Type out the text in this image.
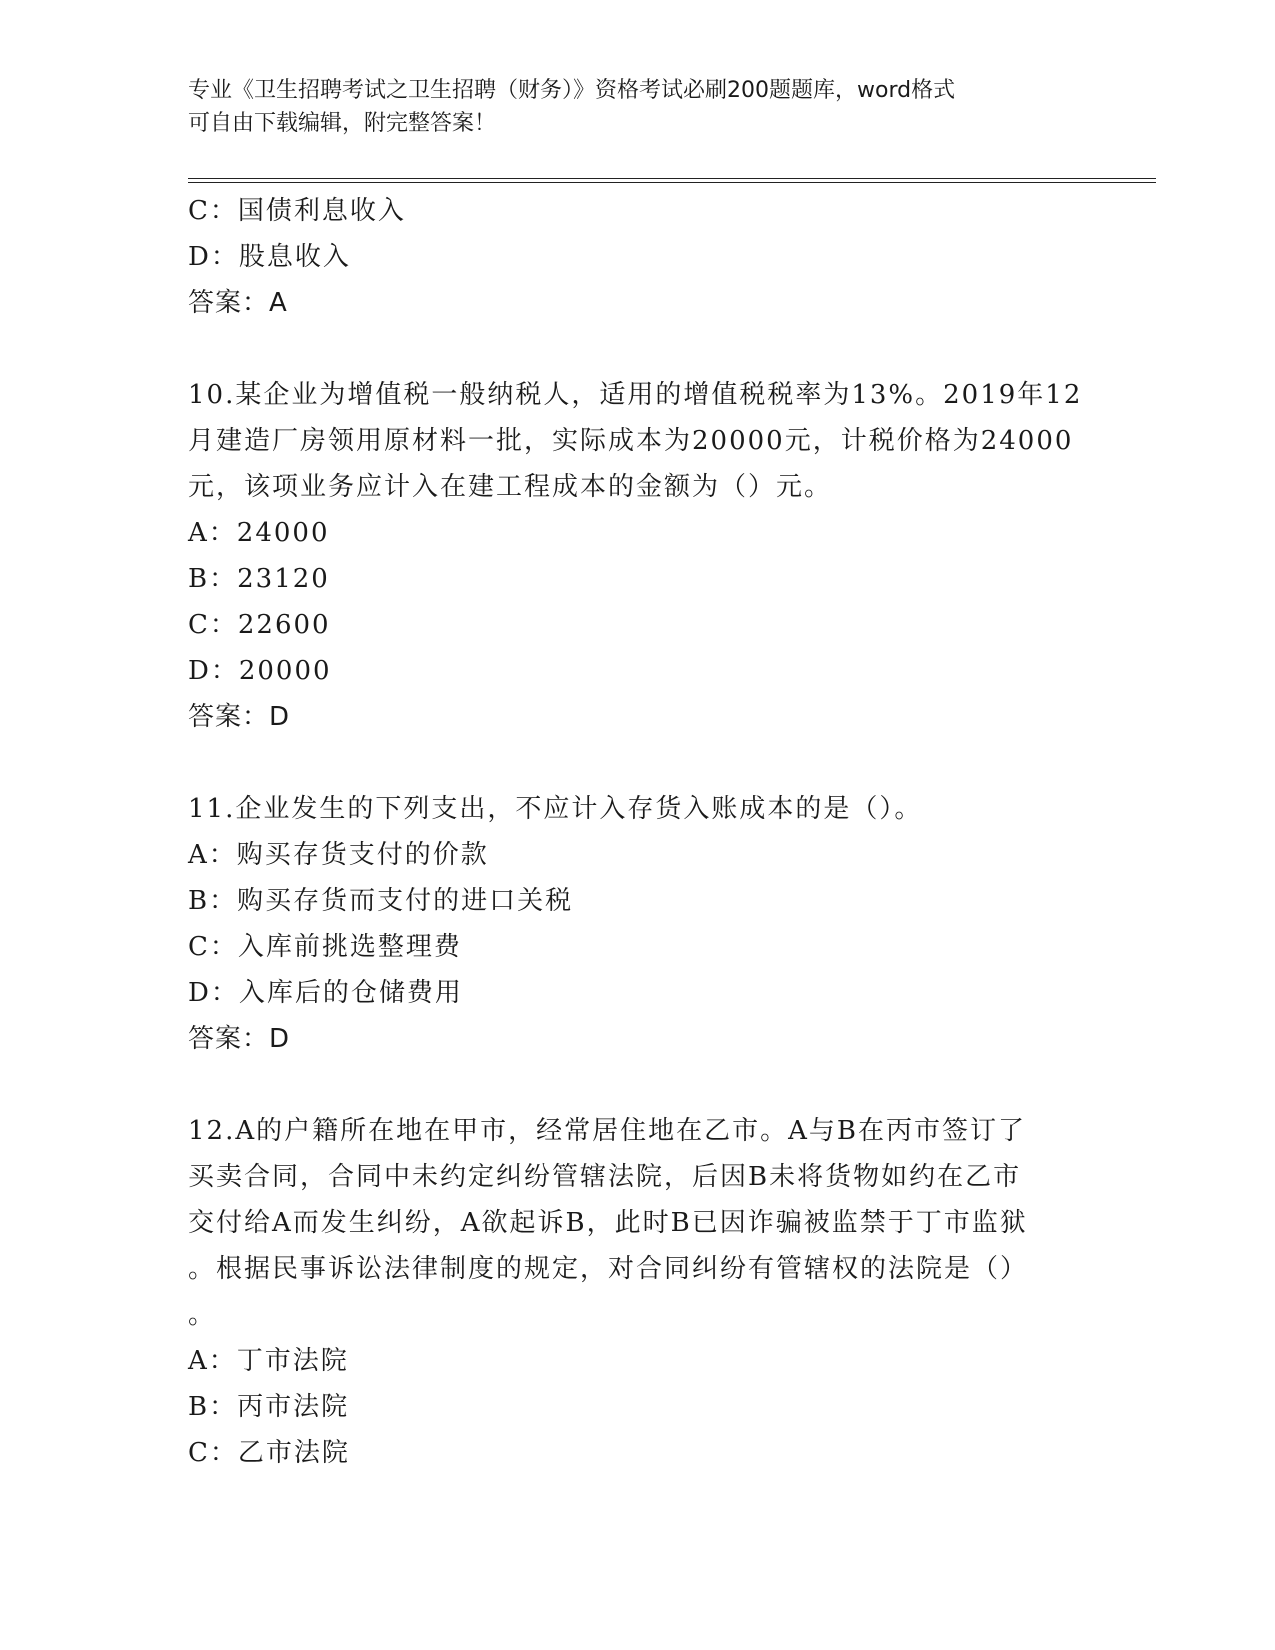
专业《卫生招聘考试之卫生招聘（财务）》资格考试必刷200题题库，word格式
可自由下载编辑，附完整答案！
C：国债利息收入
D：股息收入
答案：A
10.某企业为增值税一般纳税人，适用的增值税税率为13%。2019年12
月建造厂房领用原材料一批，实际成本为20000元，计税价格为24000
元，该项业务应计入在建工程成本的金额为（）元。
A：24000
B：23120
C：22600
D：20000
答案：D
11.企业发生的下列支出，不应计入存货入账成本的是（）。
A：购买存货支付的价款
B：购买存货而支付的进口关税
C：入库前挑选整理费
D：入库后的仓储费用
答案：D
12.A的户籍所在地在甲市，经常居住地在乙市。A与B在丙市签订了
买卖合同，合同中未约定纠纷管辖法院，后因B未将货物如约在乙市
交付给A而发生纠纷，A欲起诉B，此时B已因诈骗被监禁于丁市监狱
。根据民事诉讼法律制度的规定，对合同纠纷有管辖权的法院是（）
。
A：丁市法院
B：丙市法院
C：乙市法院
